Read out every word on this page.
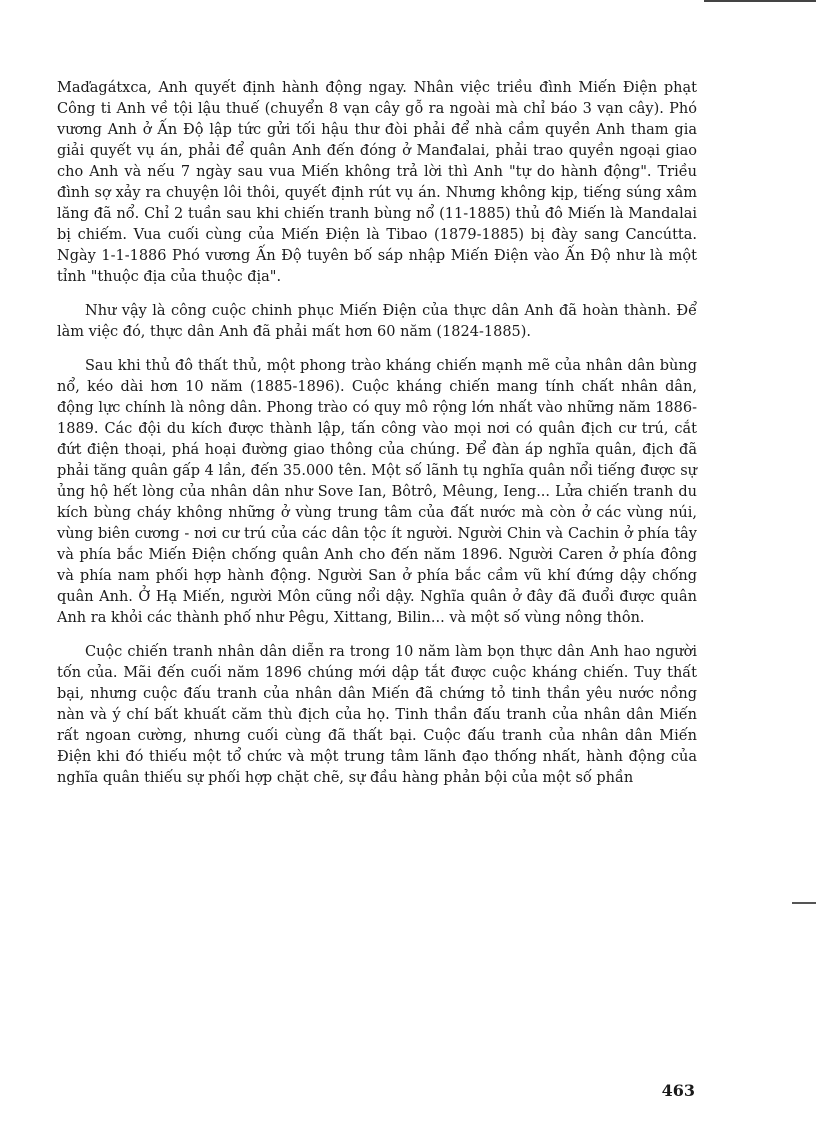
Maďagátxca, Anh quyết định hành động ngay. Nhân việc triều đình Miến Điện phạt Công ti Anh về tội lậu thuế (chuyển 8 vạn cây gỗ ra ngoài mà chỉ báo 3 vạn cây). Phó vương Anh ở Ấn Độ lập tức gửi tối hậu thư đòi phải để nhà cầm quyền Anh tham gia giải quyết vụ án, phải để quân Anh đến đóng ở Manđalai, phải trao quyền ngoại giao cho Anh và nếu 7 ngày sau vua Miến không trả lời thì Anh "tự do hành động". Triều đình sợ xảy ra chuyện lôi thôi, quyết định rút vụ án. Nhưng không kịp, tiếng súng xâm lăng đã nổ. Chỉ 2 tuần sau khi chiến tranh bùng nổ (11-1885) thủ đô Miến là Mandalai bị chiếm. Vua cuối cùng của Miến Điện là Tibao (1879-1885) bị đày sang Cancútta. Ngày 1-1-1886 Phó vương Ấn Độ tuyên bố sáp nhập Miến Điện vào Ấn Độ như là một tỉnh "thuộc địa của thuộc địa".

Như vậy là công cuộc chinh phục Miến Điện của thực dân Anh đã hoàn thành. Để làm việc đó, thực dân Anh đã phải mất hơn 60 năm (1824-1885).

Sau khi thủ đô thất thủ, một phong trào kháng chiến mạnh mẽ của nhân dân bùng nổ, kéo dài hơn 10 năm (1885-1896). Cuộc kháng chiến mang tính chất nhân dân, động lực chính là nông dân. Phong trào có quy mô rộng lớn nhất vào những năm 1886-1889. Các đội du kích được thành lập, tấn công vào mọi nơi có quân địch cư trú, cắt đứt điện thoại, phá hoại đường giao thông của chúng. Để đàn áp nghĩa quân, địch đã phải tăng quân gấp 4 lần, đến 35.000 tên. Một số lãnh tụ nghĩa quân nổi tiếng được sự ủng hộ hết lòng của nhân dân như Sove Ian, Bôtrô, Mêung, Ieng... Lửa chiến tranh du kích bùng cháy không những ở vùng trung tâm của đất nước mà còn ở các vùng núi, vùng biên cương - nơi cư trú của các dân tộc ít người. Người Chin và Cachin ở phía tây và phía bắc Miến Điện chống quân Anh cho đến năm 1896. Người Caren ở phía đông và phía nam phối hợp hành động. Người San ở phía bắc cầm vũ khí đứng dậy chống quân Anh. Ở Hạ Miến, người Môn cũng nổi dậy. Nghĩa quân ở đây đã đuổi được quân Anh ra khỏi các thành phố như Pêgu, Xittang, Bilin... và một số vùng nông thôn.

Cuộc chiến tranh nhân dân diễn ra trong 10 năm làm bọn thực dân Anh hao người tốn của. Mãi đến cuối năm 1896 chúng mới dập tắt được cuộc kháng chiến. Tuy thất bại, nhưng cuộc đấu tranh của nhân dân Miến đã chứng tỏ tinh thần yêu nước nồng nàn và ý chí bất khuất căm thù địch của họ. Tinh thần đấu tranh của nhân dân Miến rất ngoan cường, nhưng cuối cùng đã thất bại. Cuộc đấu tranh của nhân dân Miến Điện khi đó thiếu một tổ chức và một trung tâm lãnh đạo thống nhất, hành động của nghĩa quân thiếu sự phối hợp chặt chẽ, sự đầu hàng phản bội của một số phần

463
